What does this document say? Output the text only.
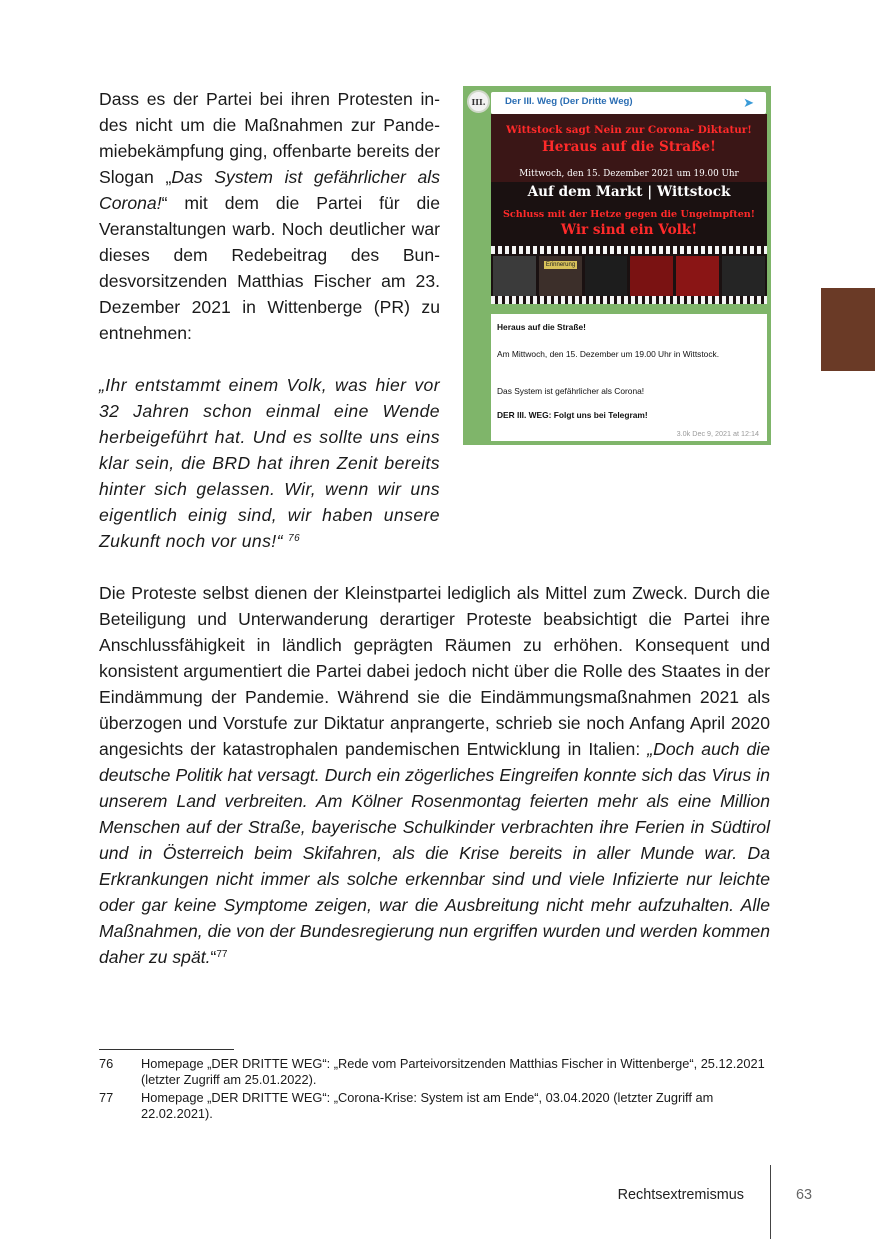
Dass es der Partei bei ihren Protesten indes nicht um die Maßnahmen zur Pandemiebekämpfung ging, offenbarte bereits der Slogan „Das System ist gefährlicher als Corona!“ mit dem die Partei für die Veranstaltungen warb. Noch deutlicher war dieses dem Redebeitrag des Bundesvorsitzenden Matthias Fischer am 23. Dezember 2021 in Wittenberge (PR) zu entnehmen:
„Ihr entstammt einem Volk, was hier vor 32 Jahren schon einmal eine Wende herbeigeführt hat. Und es sollte uns eins klar sein, die BRD hat ihren Zenit bereits hinter sich gelassen. Wir, wenn wir uns eigentlich einig sind, wir haben unsere Zukunft noch vor uns!“ $^{76}$
III.	Der III. Weg (Der Dritte Weg)	➤
Wittstock sagt Nein zur Corona- Diktatur!
Heraus auf die Straße!
Mittwoch, den 15. Dezember 2021 um 19.00 Uhr
Auf dem Markt | Wittstock
Schluss mit der Hetze gegen die Ungeimpften!
Wir sind ein Volk!
Erinnerung
Heraus auf die Straße!
Am Mittwoch, den 15. Dezember um 19.00 Uhr in Wittstock.
Das System ist gefährlicher als Corona!
DER III. WEG: Folgt uns bei Telegram!
3.0k Dec 9, 2021 at 12:14
Die Proteste selbst dienen der Kleinstpartei lediglich als Mittel zum Zweck. Durch die Beteiligung und Unterwanderung derartiger Proteste beabsichtigt die Partei ihre Anschlussfähigkeit in ländlich geprägten Räumen zu erhöhen. Konsequent und konsistent argumentiert die Partei dabei jedoch nicht über die Rolle des Staates in der Eindämmung der Pandemie. Während sie die Eindämmungsmaßnahmen 2021 als überzogen und Vorstufe zur Diktatur anprangerte, schrieb sie noch Anfang April 2020 angesichts der katastrophalen pandemischen Entwicklung in Italien: „Doch auch die deutsche Politik hat versagt. Durch ein zögerliches Eingreifen konnte sich das Virus in unserem Land verbreiten. Am Kölner Rosenmontag feierten mehr als eine Million Menschen auf der Straße, bayerische Schulkinder verbrachten ihre Ferien in Südtirol und in Österreich beim Skifahren, als die Krise bereits in aller Munde war. Da Erkrankungen nicht immer als solche erkennbar sind und viele Infizierte nur leichte oder gar keine Symptome zeigen, war die Ausbreitung nicht mehr aufzuhalten. Alle Maßnahmen, die von der Bundesregierung nun ergriffen wurden und werden kommen daher zu spät.“$^{77}$
76 Homepage „DER DRITTE WEG“: „Rede vom Parteivorsitzenden Matthias Fischer in Wittenberge“, 25.12.2021 (letzter Zugriff am 25.01.2022).
77 Homepage „DER DRITTE WEG“: „Corona-Krise: System ist am Ende“, 03.04.2020 (letzter Zugriff am 22.02.2021).
Rechtsextremismus	63
